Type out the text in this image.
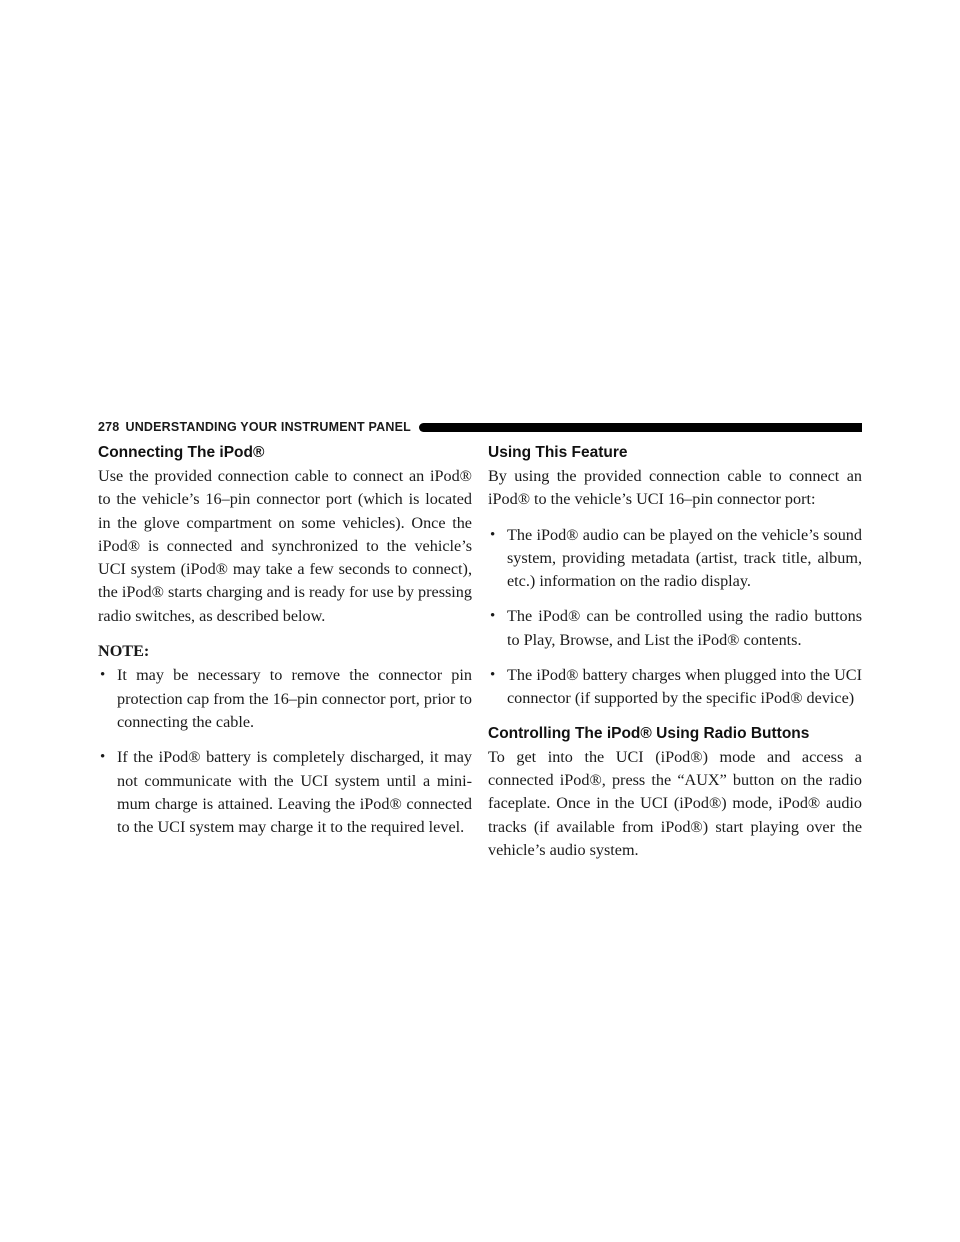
278 UNDERSTANDING YOUR INSTRUMENT PANEL
Connecting The iPod®

Use the provided connection cable to connect an iPod® to the vehicle’s 16–pin connector port (which is located in the glove compartment on some vehicles). Once the iPod® is connected and synchronized to the vehicle’s UCI system (iPod® may take a few seconds to connect), the iPod® starts charging and is ready for use by pressing radio switches, as described below.

NOTE:
• It may be necessary to remove the connector pin protection cap from the 16–pin connector port, prior to connecting the cable.
• If the iPod® battery is completely discharged, it may not communicate with the UCI system until a mini-mum charge is attained. Leaving the iPod® connected to the UCI system may charge it to the required level.
Using This Feature

By using the provided connection cable to connect an iPod® to the vehicle’s UCI 16–pin connector port:

• The iPod® audio can be played on the vehicle’s sound system, providing metadata (artist, track title, album, etc.) information on the radio display.
• The iPod® can be controlled using the radio buttons to Play, Browse, and List the iPod® contents.
• The iPod® battery charges when plugged into the UCI connector (if supported by the specific iPod® device)
Controlling The iPod® Using Radio Buttons

To get into the UCI (iPod®) mode and access a connected iPod®, press the “AUX” button on the radio faceplate. Once in the UCI (iPod®) mode, iPod® audio tracks (if available from iPod®) start playing over the vehicle’s audio system.
